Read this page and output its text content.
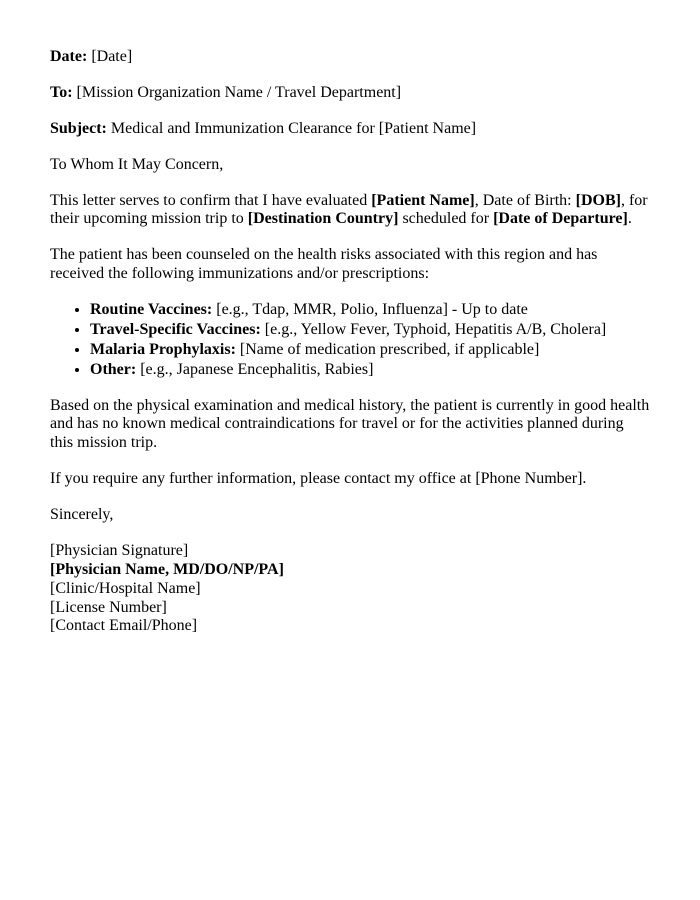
Date: [Date]

To: [Mission Organization Name / Travel Department]

Subject: Medical and Immunization Clearance for [Patient Name]

To Whom It May Concern,

This letter serves to confirm that I have evaluated [Patient Name], Date of Birth: [DOB], for their upcoming mission trip to [Destination Country] scheduled for [Date of Departure].

The patient has been counseled on the health risks associated with this region and has received the following immunizations and/or prescriptions:

• Routine Vaccines: [e.g., Tdap, MMR, Polio, Influenza] - Up to date
• Travel-Specific Vaccines: [e.g., Yellow Fever, Typhoid, Hepatitis A/B, Cholera]
• Malaria Prophylaxis: [Name of medication prescribed, if applicable]
• Other: [e.g., Japanese Encephalitis, Rabies]

Based on the physical examination and medical history, the patient is currently in good health and has no known medical contraindications for travel or for the activities planned during this mission trip.

If you require any further information, please contact my office at [Phone Number].

Sincerely,

[Physician Signature]

[Physician Name, MD/DO/NP/PA]

[Clinic/Hospital Name]

[License Number]

[Contact Email/Phone]
